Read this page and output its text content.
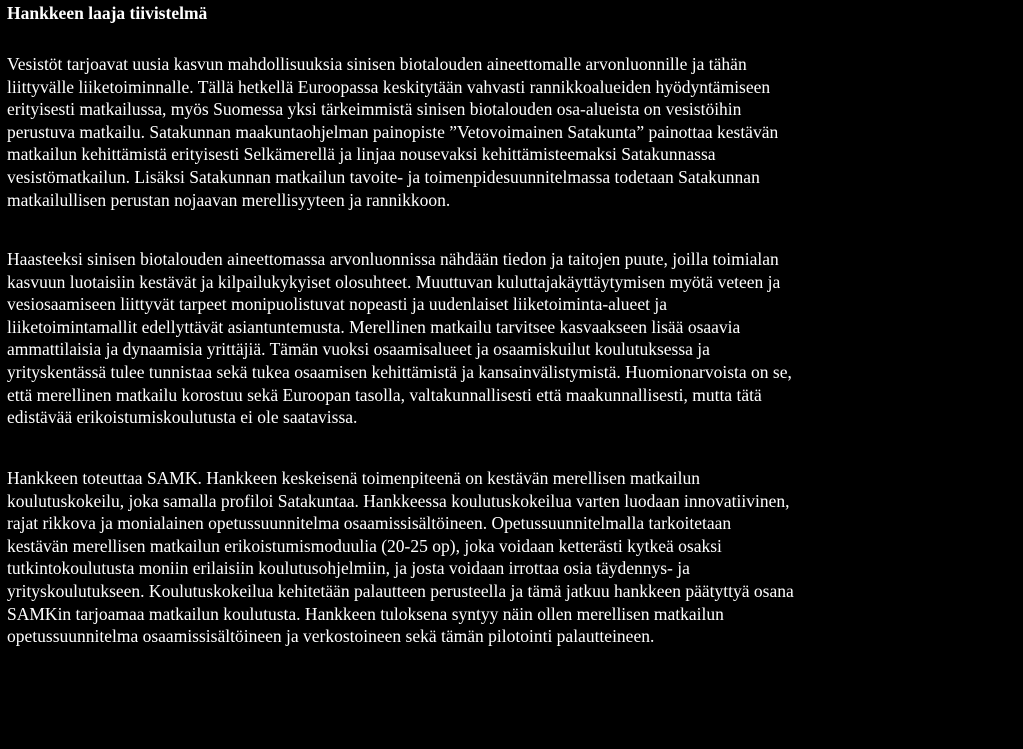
Hankkeen laaja tiivistelmä
Vesistöt tarjoavat uusia kasvun mahdollisuuksia sinisen biotalouden aineettomalle arvonluonnille ja tähän
liittyvälle liiketoiminnalle. Tällä hetkellä Euroopassa keskitytään vahvasti rannikkoalueiden hyödyntämiseen
erityisesti matkailussa, myös Suomessa yksi tärkeimmistä sinisen biotalouden osa-alueista on vesistöihin
perustuva matkailu. Satakunnan maakuntaohjelman painopiste ”Vetovoimainen Satakunta” painottaa kestävän
matkailun kehittämistä erityisesti Selkämerellä ja linjaa nousevaksi kehittämisteemaksi Satakunnassa
vesistömatkailun. Lisäksi Satakunnan matkailun tavoite- ja toimenpidesuunnitelmassa todetaan Satakunnan
matkailullisen perustan nojaavan merellisyyteen ja rannikkoon.
Haasteeksi sinisen biotalouden aineettomassa arvonluonnissa nähdään tiedon ja taitojen puute, joilla toimialan
kasvuun luotaisiin kestävät ja kilpailukykyiset olosuhteet. Muuttuvan kuluttajakäyttäytymisen myötä veteen ja
vesiosaamiseen liittyvät tarpeet monipuolistuvat nopeasti ja uudenlaiset liiketoiminta-alueet ja
liiketoimintamallit edellyttävät asiantuntemusta. Merellinen matkailu tarvitsee kasvaakseen lisää osaavia
ammattilaisia ja dynaamisia yrittäjiä. Tämän vuoksi osaamisalueet ja osaamiskuilut koulutuksessa ja
yrityskentässä tulee tunnistaa sekä tukea osaamisen kehittämistä ja kansainvälistymistä. Huomionarvoista on se,
että merellinen matkailu korostuu sekä Euroopan tasolla, valtakunnallisesti että maakunnallisesti, mutta tätä
edistävää erikoistumiskoulutusta ei ole saatavissa.
Hankkeen toteuttaa SAMK. Hankkeen keskeisenä toimenpiteenä on kestävän merellisen matkailun
koulutuskokeilu, joka samalla profiloi Satakuntaa. Hankkeessa koulutuskokeilua varten luodaan innovatiivinen,
rajat rikkova ja monialainen opetussuunnitelma osaamissisältöineen. Opetussuunnitelmalla tarkoitetaan
kestävän merellisen matkailun erikoistumismoduulia (20-25 op), joka voidaan ketterästi kytkeä osaksi
tutkintokoulutusta moniin erilaisiin koulutusohjelmiin, ja josta voidaan irrottaa osia täydennys- ja
yrityskoulutukseen. Koulutuskokeilua kehitetään palautteen perusteella ja tämä jatkuu hankkeen päätyttyä osana
SAMKin tarjoamaa matkailun koulutusta. Hankkeen tuloksena syntyy näin ollen merellisen matkailun
opetussuunnitelma osaamissisältöineen ja verkostoineen sekä tämän pilotointi palautteineen.
